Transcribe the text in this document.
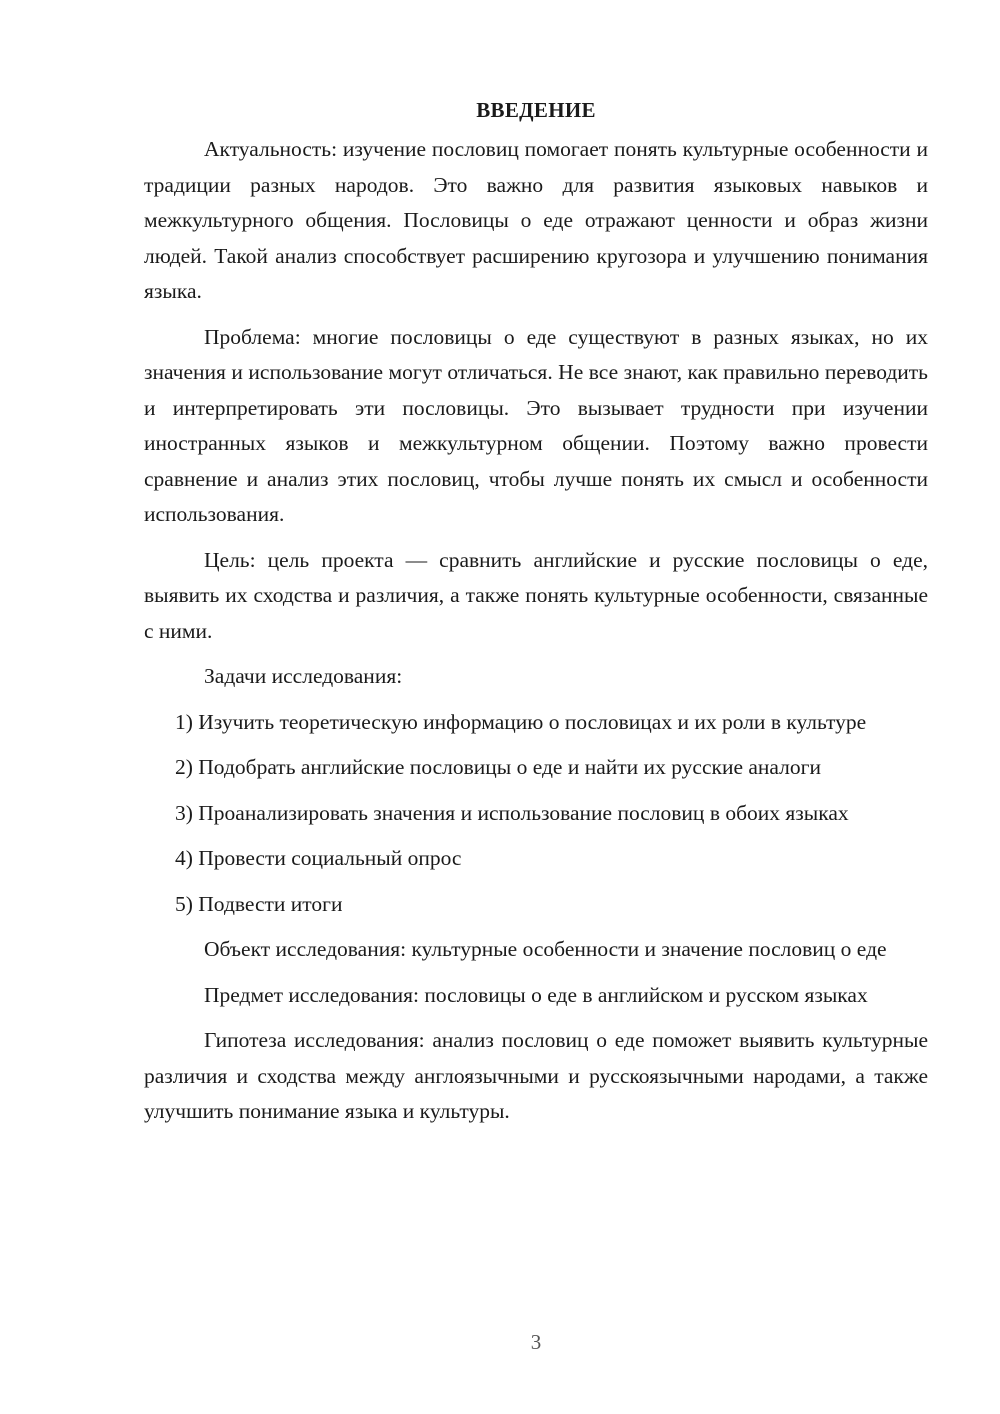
ВВЕДЕНИЕ

Актуальность: изучение пословиц помогает понять культурные особенности и традиции разных народов. Это важно для развития языковых навыков и межкультурного общения. Пословицы о еде отражают ценности и образ жизни людей. Такой анализ способствует расширению кругозора и улучшению понимания языка.

Проблема: многие пословицы о еде существуют в разных языках, но их значения и использование могут отличаться. Не все знают, как правильно переводить и интерпретировать эти пословицы. Это вызывает трудности при изучении иностранных языков и межкультурном общении. Поэтому важно провести сравнение и анализ этих пословиц, чтобы лучше понять их смысл и особенности использования.

Цель: цель проекта — сравнить английские и русские пословицы о еде, выявить их сходства и различия, а также понять культурные особенности, связанные с ними.

Задачи исследования:

1) Изучить теоретическую информацию о пословицах и их роли в культуре

2) Подобрать английские пословицы о еде и найти их русские аналоги

3) Проанализировать значения и использование пословиц в обоих языках

4) Провести социальный опрос

5) Подвести итоги

Объект исследования: культурные особенности и значение пословиц о еде

Предмет исследования: пословицы о еде в английском и русском языках

Гипотеза исследования: анализ пословиц о еде поможет выявить культурные различия и сходства между англоязычными и русскоязычными народами, а также улучшить понимание языка и культуры.

3
